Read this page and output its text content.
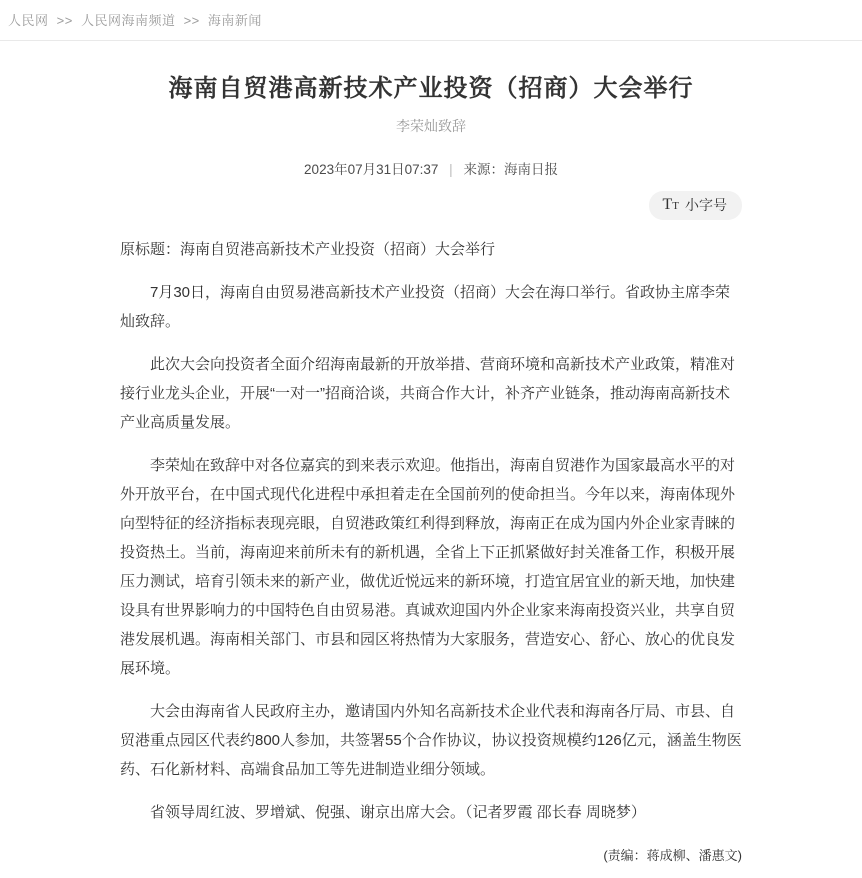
人民网 >> 人民网海南频道 >> 海南新闻
海南自贸港高新技术产业投资（招商）大会举行
李荣灿致辞
2023年07月31日07:37 | 来源：海南日报
TT 小字号

原标题：海南自贸港高新技术产业投资（招商）大会举行

7月30日，海南自由贸易港高新技术产业投资（招商）大会在海口举行。省政协主席李荣灿致辞。

此次大会向投资者全面介绍海南最新的开放举措、营商环境和高新技术产业政策，精准对接行业龙头企业，开展“一对一”招商洽谈，共商合作大计，补齐产业链条，推动海南高新技术产业高质量发展。

李荣灿在致辞中对各位嘉宾的到来表示欢迎。他指出，海南自贸港作为国家最高水平的对外开放平台，在中国式现代化进程中承担着走在全国前列的使命担当。今年以来，海南体现外向型特征的经济指标表现亮眼，自贸港政策红利得到释放，海南正在成为国内外企业家青睐的投资热土。当前，海南迎来前所未有的新机遇，全省上下正抓紧做好封关准备工作，积极开展压力测试，培育引领未来的新产业，做优近悦远来的新环境，打造宜居宜业的新天地，加快建设具有世界影响力的中国特色自由贸易港。真诚欢迎国内外企业家来海南投资兴业，共享自贸港发展机遇。海南相关部门、市县和园区将热情为大家服务，营造安心、舒心、放心的优良发展环境。

大会由海南省人民政府主办，邀请国内外知名高新技术企业代表和海南各厅局、市县、自贸港重点园区代表约800人参加，共签署55个合作协议，协议投资规模约126亿元，涵盖生物医药、石化新材料、高端食品加工等先进制造业细分领域。

省领导周红波、罗增斌、倪强、谢京出席大会。（记者罗霞 邵长春 周晓梦）

(责编：蒋成柳、潘惠文)
